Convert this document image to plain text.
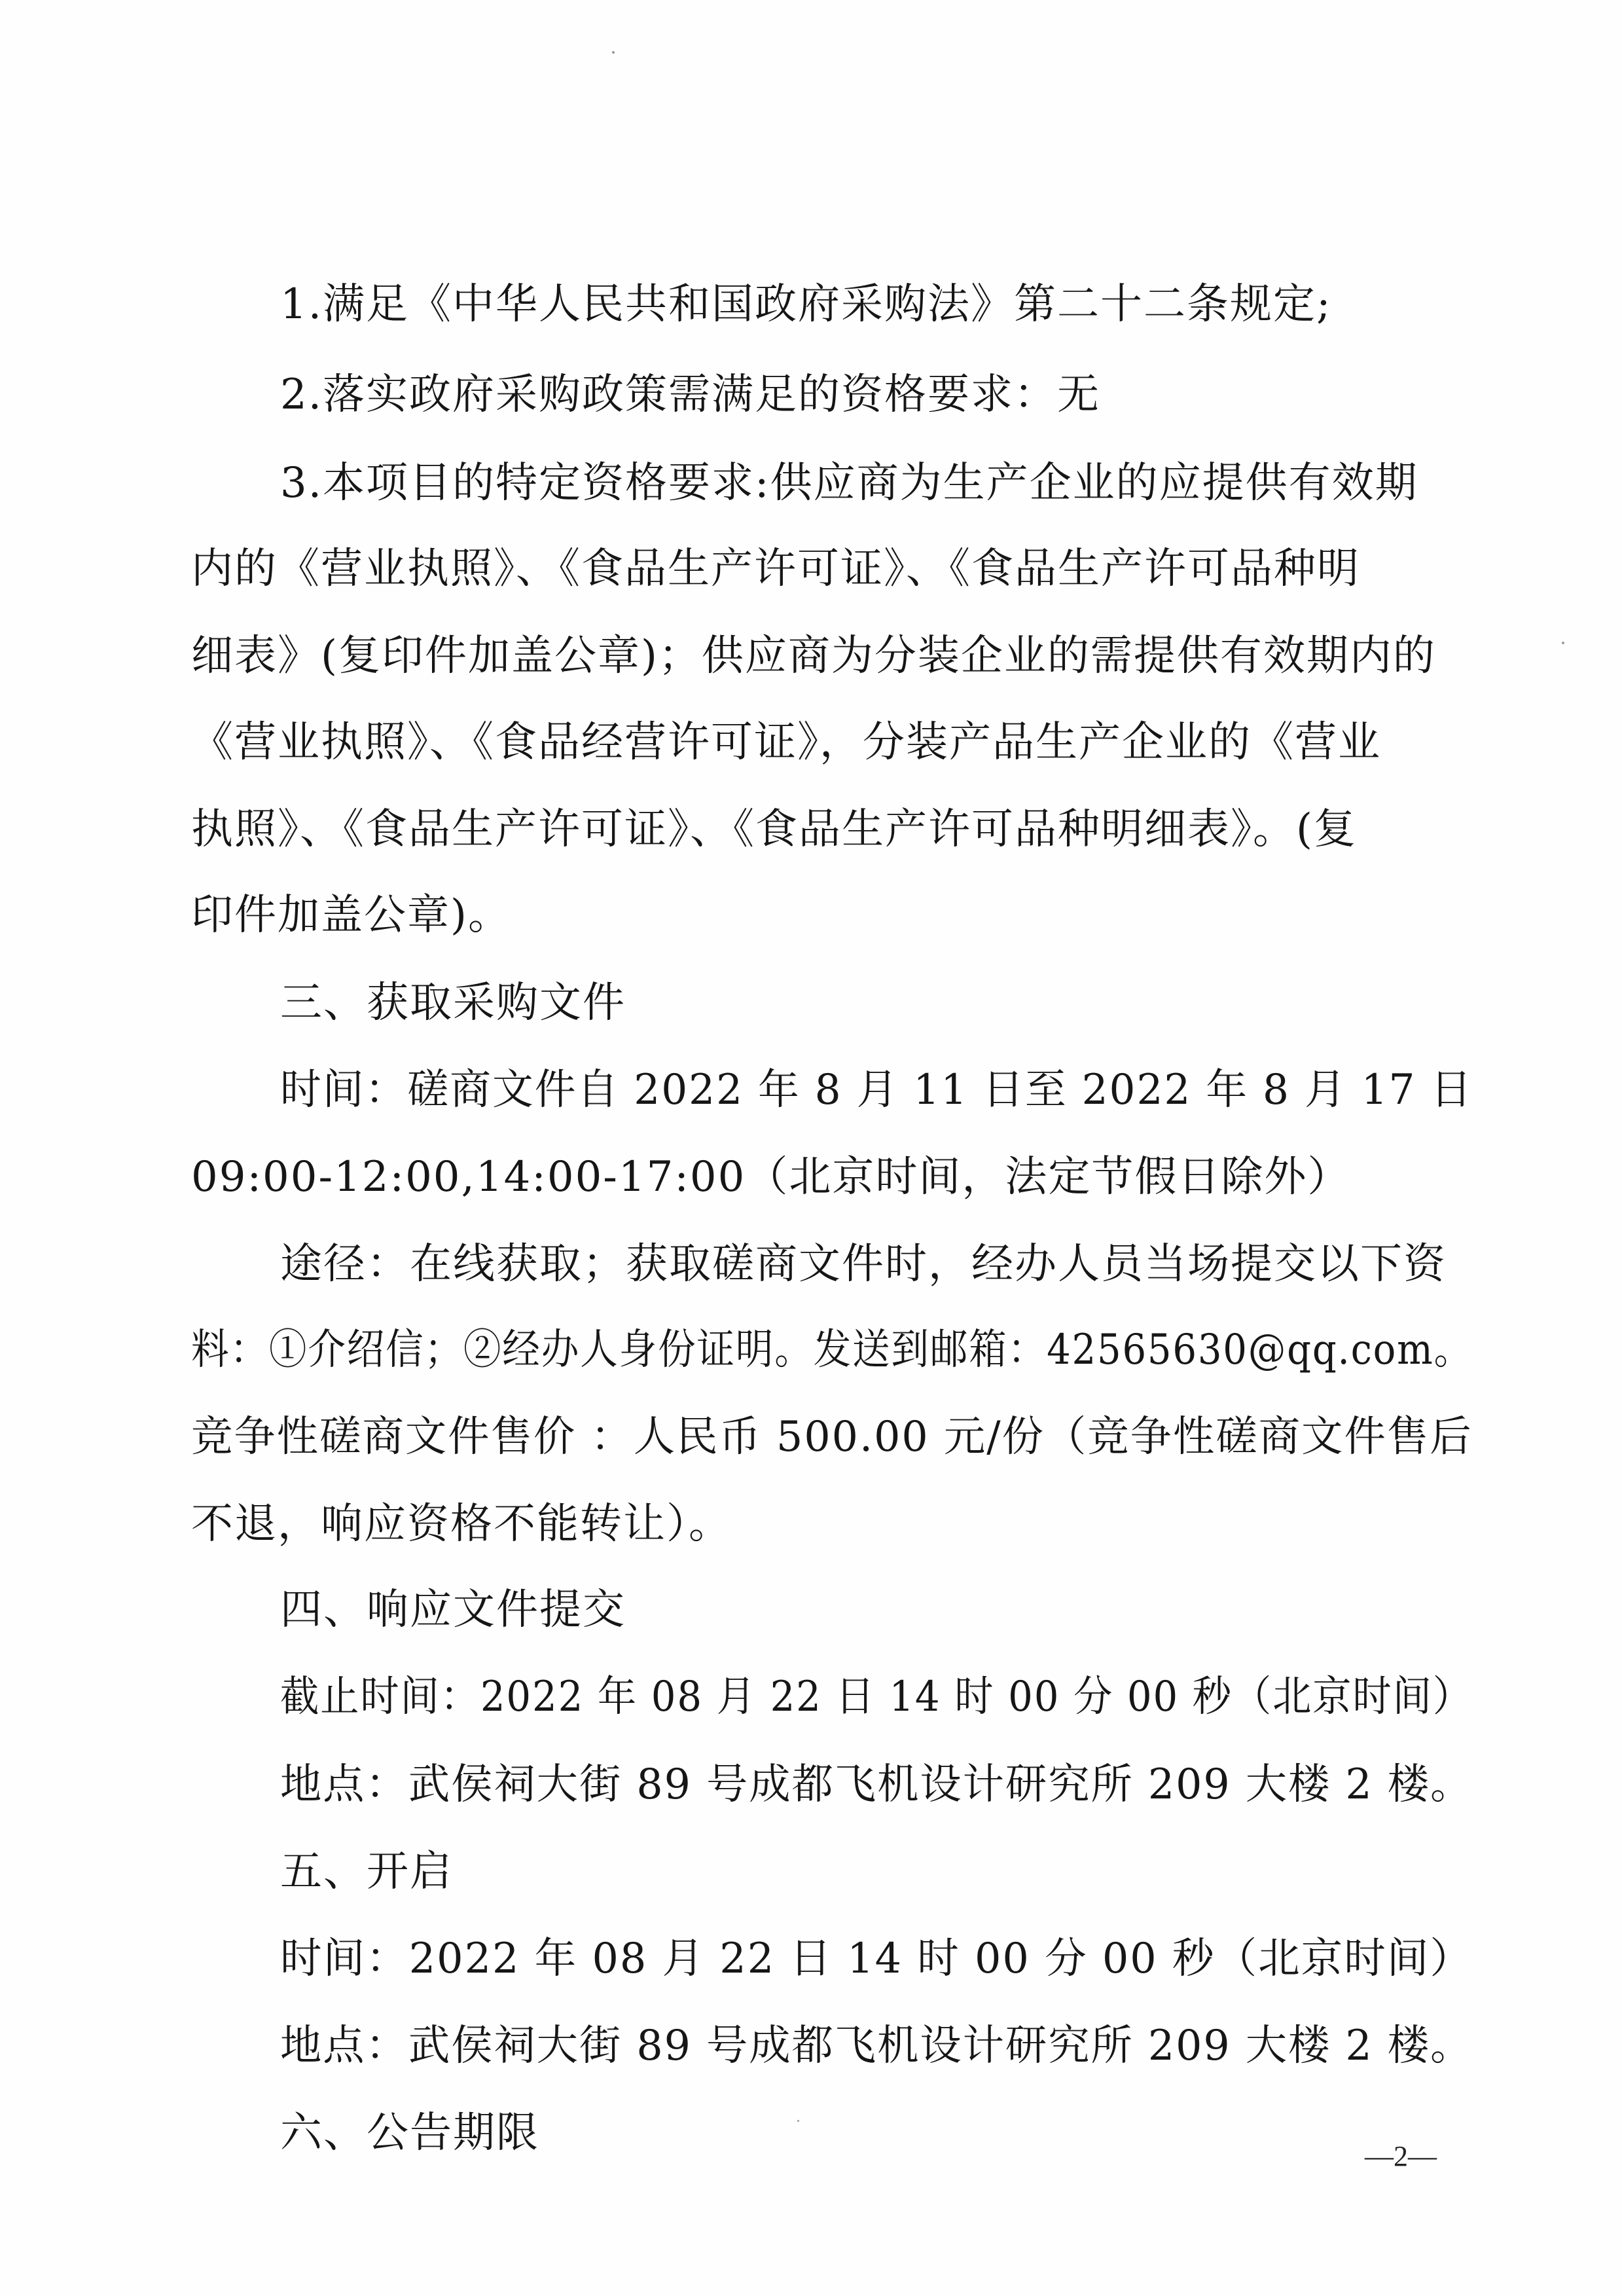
1.满足《中华人民共和国政府采购法》第二十二条规定;
2.落实政府采购政策需满足的资格要求：无
3.本项目的特定资格要求:供应商为生产企业的应提供有效期
内的《营业执照》、《食品生产许可证》、《食品生产许可品种明
细表》(复印件加盖公章)；供应商为分装企业的需提供有效期内的
《营业执照》、《食品经营许可证》，分装产品生产企业的《营业
执照》、《食品生产许可证》、《食品生产许可品种明细表》。(复
印件加盖公章)。
三、获取采购文件
时间：磋商文件自 2022 年 8 月 11 日至 2022 年 8 月 17 日
09:00-12:00,14:00-17:00（北京时间，法定节假日除外）
途径：在线获取；获取磋商文件时，经办人员当场提交以下资
料：①介绍信；②经办人身份证明。发送到邮箱：42565630@qq.com。
竞争性磋商文件售价 ：人民币 500.00 元/份（竞争性磋商文件售后
不退，响应资格不能转让）。
四、响应文件提交
截止时间：2022 年 08 月 22 日 14 时 00 分 00 秒（北京时间）
地点：武侯祠大街 89 号成都飞机设计研究所 209 大楼 2 楼。
五、开启
时间：2022 年 08 月 22 日 14 时 00 分 00 秒（北京时间）
地点：武侯祠大街 89 号成都飞机设计研究所 209 大楼 2 楼。
六、公告期限	—2—
